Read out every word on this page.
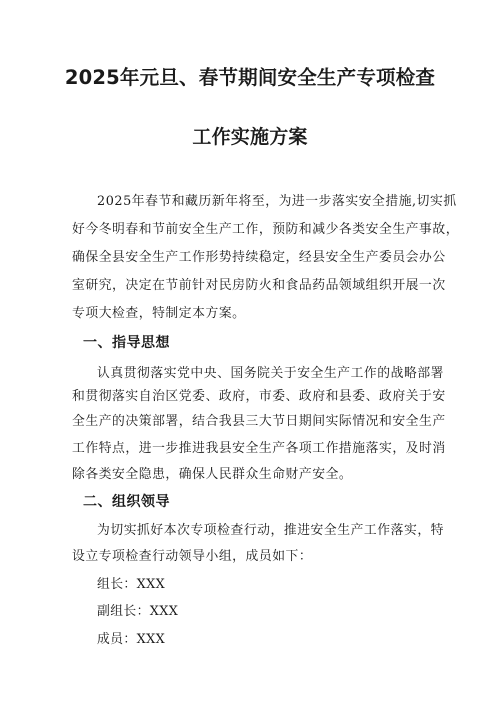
2025年元旦、春节期间安全生产专项检查
工作实施方案
2025年春节和藏历新年将至，为进一步落实安全措施,切实抓
好今冬明春和节前安全生产工作，预防和减少各类安全生产事故，
确保全县安全生产工作形势持续稳定，经县安全生产委员会办公
室研究，决定在节前针对民房防火和食品药品领域组织开展一次
专项大检查，特制定本方案。
一、指导思想
认真贯彻落实党中央、国务院关于安全生产工作的战略部署
和贯彻落实自治区党委、政府，市委、政府和县委、政府关于安
全生产的决策部署，结合我县三大节日期间实际情况和安全生产
工作特点，进一步推进我县安全生产各项工作措施落实，及时消
除各类安全隐患，确保人民群众生命财产安全。
二、组织领导
为切实抓好本次专项检查行动，推进安全生产工作落实，特
设立专项检查行动领导小组，成员如下：
组长：XXX
副组长：XXX
成员：XXX
